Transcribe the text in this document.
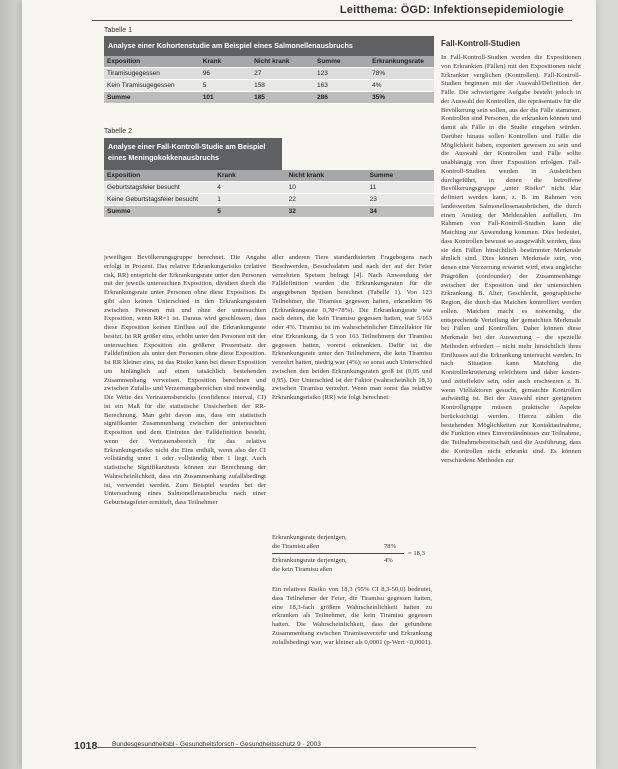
Leitthema: ÖGD: Infektionsepidemiologie
Tabelle 1
Analyse einer Kohortenstudie am Beispiel eines Salmonellenausbruchs
Exposition	Krank	Nicht krank	Summe	Erkrankungsrate
Tiramisugegessen	96	27	123	78%
Kein Tiramisugegessen	5	158	163	4%
Summe	101	185	286	35%
Tabelle 2
Analyse einer Fall-Kontroll-Studie am Beispiel eines Meningokokkenausbruchs
Exposition	Krank	Nicht krank	Summe
Geburtstagsfeier besucht	4	10	11
Keine Geburtstagsfeier besucht	1	22	23
Summe	5	32	34
Fall-Kontroll-Studien
In Fall-Kontroll-Studien werden die Expositionen von Erkrankten (Fällen) mit den Expositionen nicht Erkrankter verglichen (Kontrollen). Fall-Kontroll-Studien beginnen mit der Auswahl/Definition der Fälle. Die schwierigere Aufgabe besteht jedoch in der Auswahl der Kontrollen, die repräsentativ für die Bevölkerung sein sollen, aus der die Fälle stammen. Kontrollen sind Personen, die erkranken können und damit als Fälle in die Studie eingehen würden. Darüber hinaus sollen Kontrollen und Fälle die Möglichkeit haben, exponiert gewesen zu sein und die Auswahl der Kontrollen und Fälle sollte unabhängig von ihrer Exposition erfolgen. Fall-Kontroll-Studien werden in Ausbrüchen durchgeführt, in denen die betroffene Bevölkerungsgruppe „unter Risiko“ nicht klar definiert werden kann, z. B. im Rahmen von landesweiten Salmonellosenausbrüchen, die durch einen Anstieg der Meldezahlen auffallen. Im Rahmen von Fall-Kontroll-Studien kann die Matching zur Anwendung kommen. Dies bedeutet, dass Kontrollen bewusst so ausgewählt werden, dass sie den Fällen hinsichtlich bestimmter Merkmale ähnlich sind. Dies können Merkmale sein, von denen eine Verzerrung erwartet wird, etwa ungleiche Prägrößen (confounder) der Zusammenhänge zwischen der Exposition und der untersuchten Erkrankung. B. Alter, Geschlecht, geographische Region, die durch das Matchen kontrolliert werden sollen. Matchen macht es notwendig, die entsprechende Verteilung der gematchten Merkmale bei Fällen und Kontrollen. Daher können diese Merkmale bei der Auswertung – die spezielle Methoden erfordert – nicht mehr hinsichtlich ihres Einflusses auf die Erkrankung untersucht werden. In nach Situation kann Matching die Kontrollrekrutierung erleichtern und daher kosten- und zeiteffektiv sein, oder auch erschweren z. B. wenn Vielfaktoren gesucht, gematchte Kontrollen aufwändig ist. Bei der Auswahl einer geeigneten Kontrollgruppe müssen praktische Aspekte berücksichtigt werden. Hierzu zählen die bestehenden Möglichkeiten zur Kontaktaufnahme, die Funktion eines Einverständnisses zur Teilnahme, die Teilnahmebereitschaft und die Ausführung, dass die Kontrollen nicht erkrankt sind. Es können verschiedene Methoden zur
jeweiligen Bevölkerungsgruppe berechnet. Die Angabe erfolgt in Prozent. Das relative Erkrankungsrisiko (relative risk, RR) entspricht der Erkrankungsrate unter den Personen mit der jeweils untersuchten Exposition, dividiert durch die Erkrankungsrate unter Personen ohne diese Exposition. Es gibt also keinen Unterschied in den Erkrankungsraten zwischen Personen mit und ohne der untersuchten Exposition, wenn RR=1 ist. Daraus wird geschlossen, dass diese Exposition keinen Einfluss auf die Erkrankungsrate besitzt. Ist RR größer eins, erhöht unter den Personen mit der untersuchten Exposition ein größerer Prozentsatz der Falldefinition als unter den Personen ohne diese Exposition. Ist RR kleiner eins, ist das Risiko kann bei dieser Exposition um hinlänglich auf einen tatsächlich bestehenden Zusammenhang verweisen. Exposition berechnen und zwischen Zufalls- und Verzerrungsbereichen sind notwendig. Die Weite des Vertrauensbereichs (confidence interval, CI) ist ein Maß für die statistische Unsicherheit der RR-Berechnung. Man geht davon aus, dass ein statistisch signifikanter Zusammenhang zwischen der untersuchten Exposition und dem Eintreten der Falldefinition besteht, wenn der Vertrauensbereich für das relative Erkrankungsrisiko nicht die Eins enthält, wenn also der CI vollständig unter 1 oder vollständig über 1 liegt. Auch statistische Signifikanztests können zur Berechnung der Wahrscheinlichkeit, dass ein Zusammenhang zufallsbedingt ist, verwendet werden. Zum Beispiel wurden bei der Untersuchung eines Salmonellenausbruchs nach einer Geburtstagsfeier ermittelt, dass Teilnehmer
aller anderen Tiere standardisierten Fragebogens nach Beschwerden, Besuchsdaten und nach der auf der Feier verzehrten Speisen befragt [4]. Nach Anwendung der Falldefinition wurden die Erkrankungsraten für die angegebenen Speisen berechnet (Tabelle 1). Von 123 Teilnehmer, die Tiramisu gegessen hatten, erkrankten 96 (Erkrankungsrate 0,78=78%). Die Erkrankungsrate war nach denen, die kein Tiramisu gegessen hatten, war 5/163 oder 4%. Tiramisu ist im wahrscheinlicher Einzelfaktor für eine Erkrankung, da 5 von 163 Teilnehmern der Tiramisu gegessen hatten, vorerst erkrankten. Dafür ist die Erkrankungsrate unter den Teilnehmern, die kein Tiramisu verzehrt hatten, niedrig war (4%); so sonst auch Unterschied zwischen den beiden Erkrankungsraten groß ist (0,05 und 0,95). Der Unterschied ist der Faktor (wahrscheinlich 18,3) zwischen Tiramisu verzehrt. Wenn man sonst das relative Erkrankungsrisiko (RR) wie folgt berechnet:
Erkrankungsrate derjenigen,
die Tiramisu aßen	78%
Erkrankungsrate derjenigen,
die kein Tiramisu aßen
4%
= 18,3
Ein relatives Risiko von 18,3 (95% CI 8,3-50,0) bedeutet, dass Teilnehmer der Feier, die Tiramisu gegessen hatten, eine 18,3-fach größere Wahrscheinlichkeit hatten zu erkranken als Teilnehmer, die kein Tiramisu gegessen hatten. Die Wahrscheinlichkeit, dass der gefundene Zusammenhang zwischen Tiramisuverzehr und Erkrankung zufallsbedingt war, war kleiner als 0,0001 (p-Wert <0,0001).
1018 Bundesgesundheitsbl - Gesundheitsforsch - Gesundheitsschutz 9 · 2003
